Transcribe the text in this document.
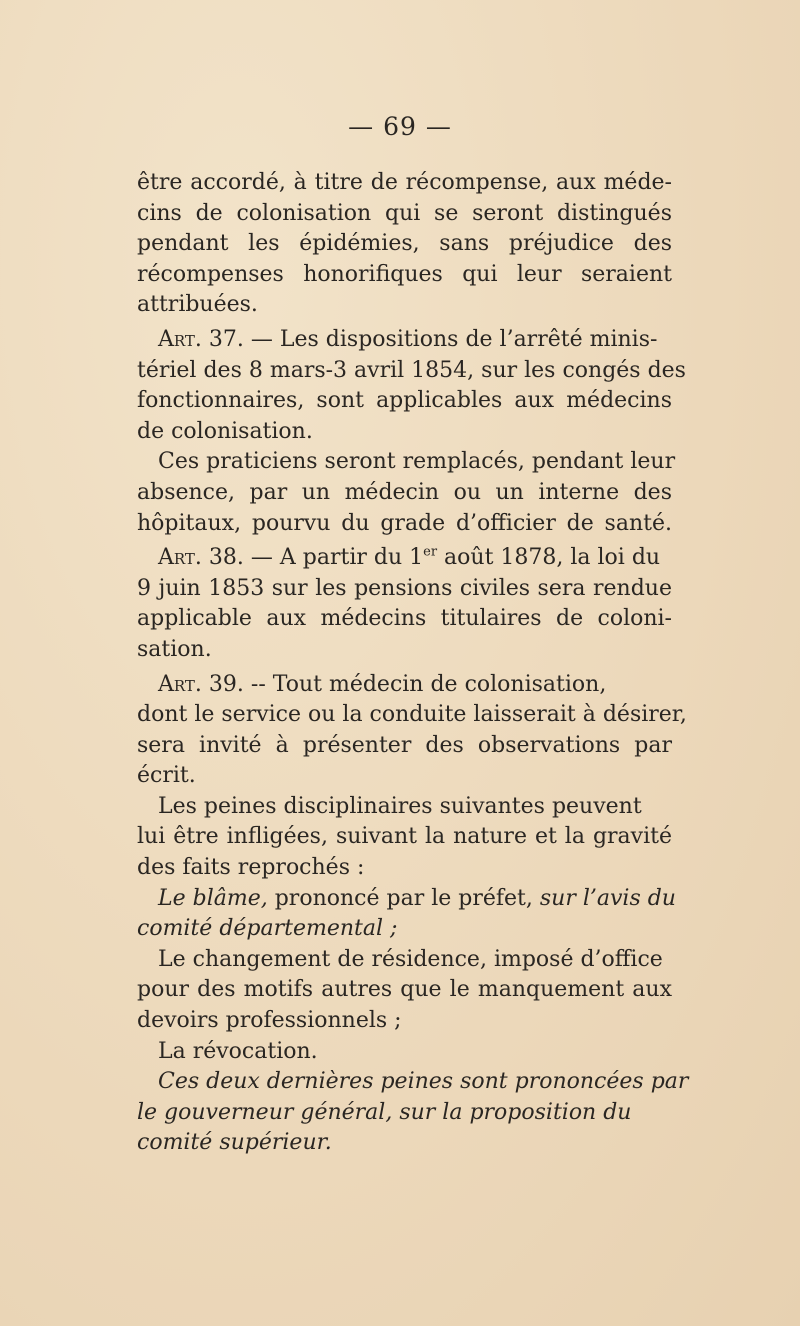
— 69 —
être accordé, à titre de récompense, aux méde-
cins de colonisation qui se seront distingués
pendant les épidémies, sans préjudice des
récompenses honorifiques qui leur seraient
attribuées.
Art. 37. — Les dispositions de l’arrêté minis-
tériel des 8 mars-3 avril 1854, sur les congés des
fonctionnaires, sont applicables aux médecins
de colonisation.
Ces praticiens seront remplacés, pendant leur
absence, par un médecin ou un interne des
hôpitaux, pourvu du grade d’officier de santé.
Art. 38. — A partir du 1er août 1878, la loi du
9 juin 1853 sur les pensions civiles sera rendue
applicable aux médecins titulaires de coloni-
sation.
Art. 39. -- Tout médecin de colonisation,
dont le service ou la conduite laisserait à désirer,
sera invité à présenter des observations par
écrit.
Les peines disciplinaires suivantes peuvent
lui être infligées, suivant la nature et la gravité
des faits reprochés :
Le blâme, prononcé par le préfet, sur l’avis du
comité départemental ;
Le changement de résidence, imposé d’office
pour des motifs autres que le manquement aux
devoirs professionnels ;
La révocation.
Ces deux dernières peines sont prononcées par
le gouverneur général, sur la proposition du
comité supérieur.
